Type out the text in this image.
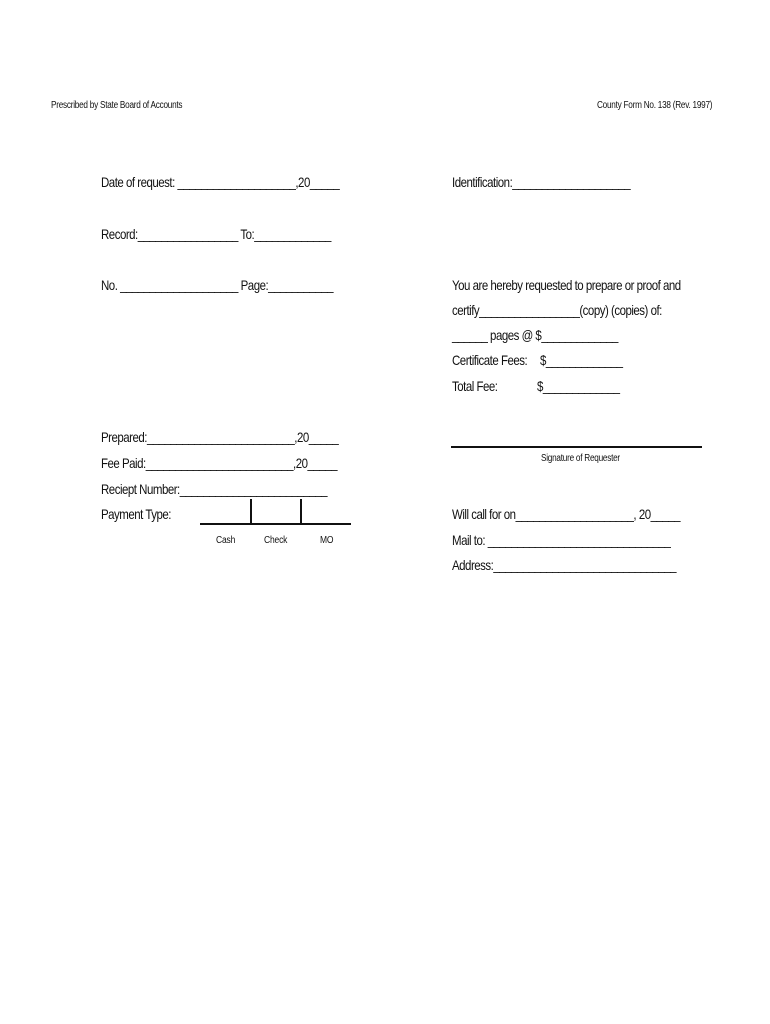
Prescribed by State Board of Accounts	County Form No. 138 (Rev. 1997)

Date of request: ____________________,20_____

Record:_________________ To:_____________

No. ____________________ Page:___________

Prepared:_________________________,20_____

Fee Paid:_________________________,20_____

Reciept Number:_________________________

Payment Type:

Cash	Check	MO

Identification:____________________

You are hereby requested to prepare or proof and

certify_________________(copy) (copies) of:

______ pages @ $_____________

Certificate Fees: $_____________

Total Fee:	$_____________

Signature of Requester

Will call for on____________________, 20_____

Mail to: _______________________________

Address:_______________________________
